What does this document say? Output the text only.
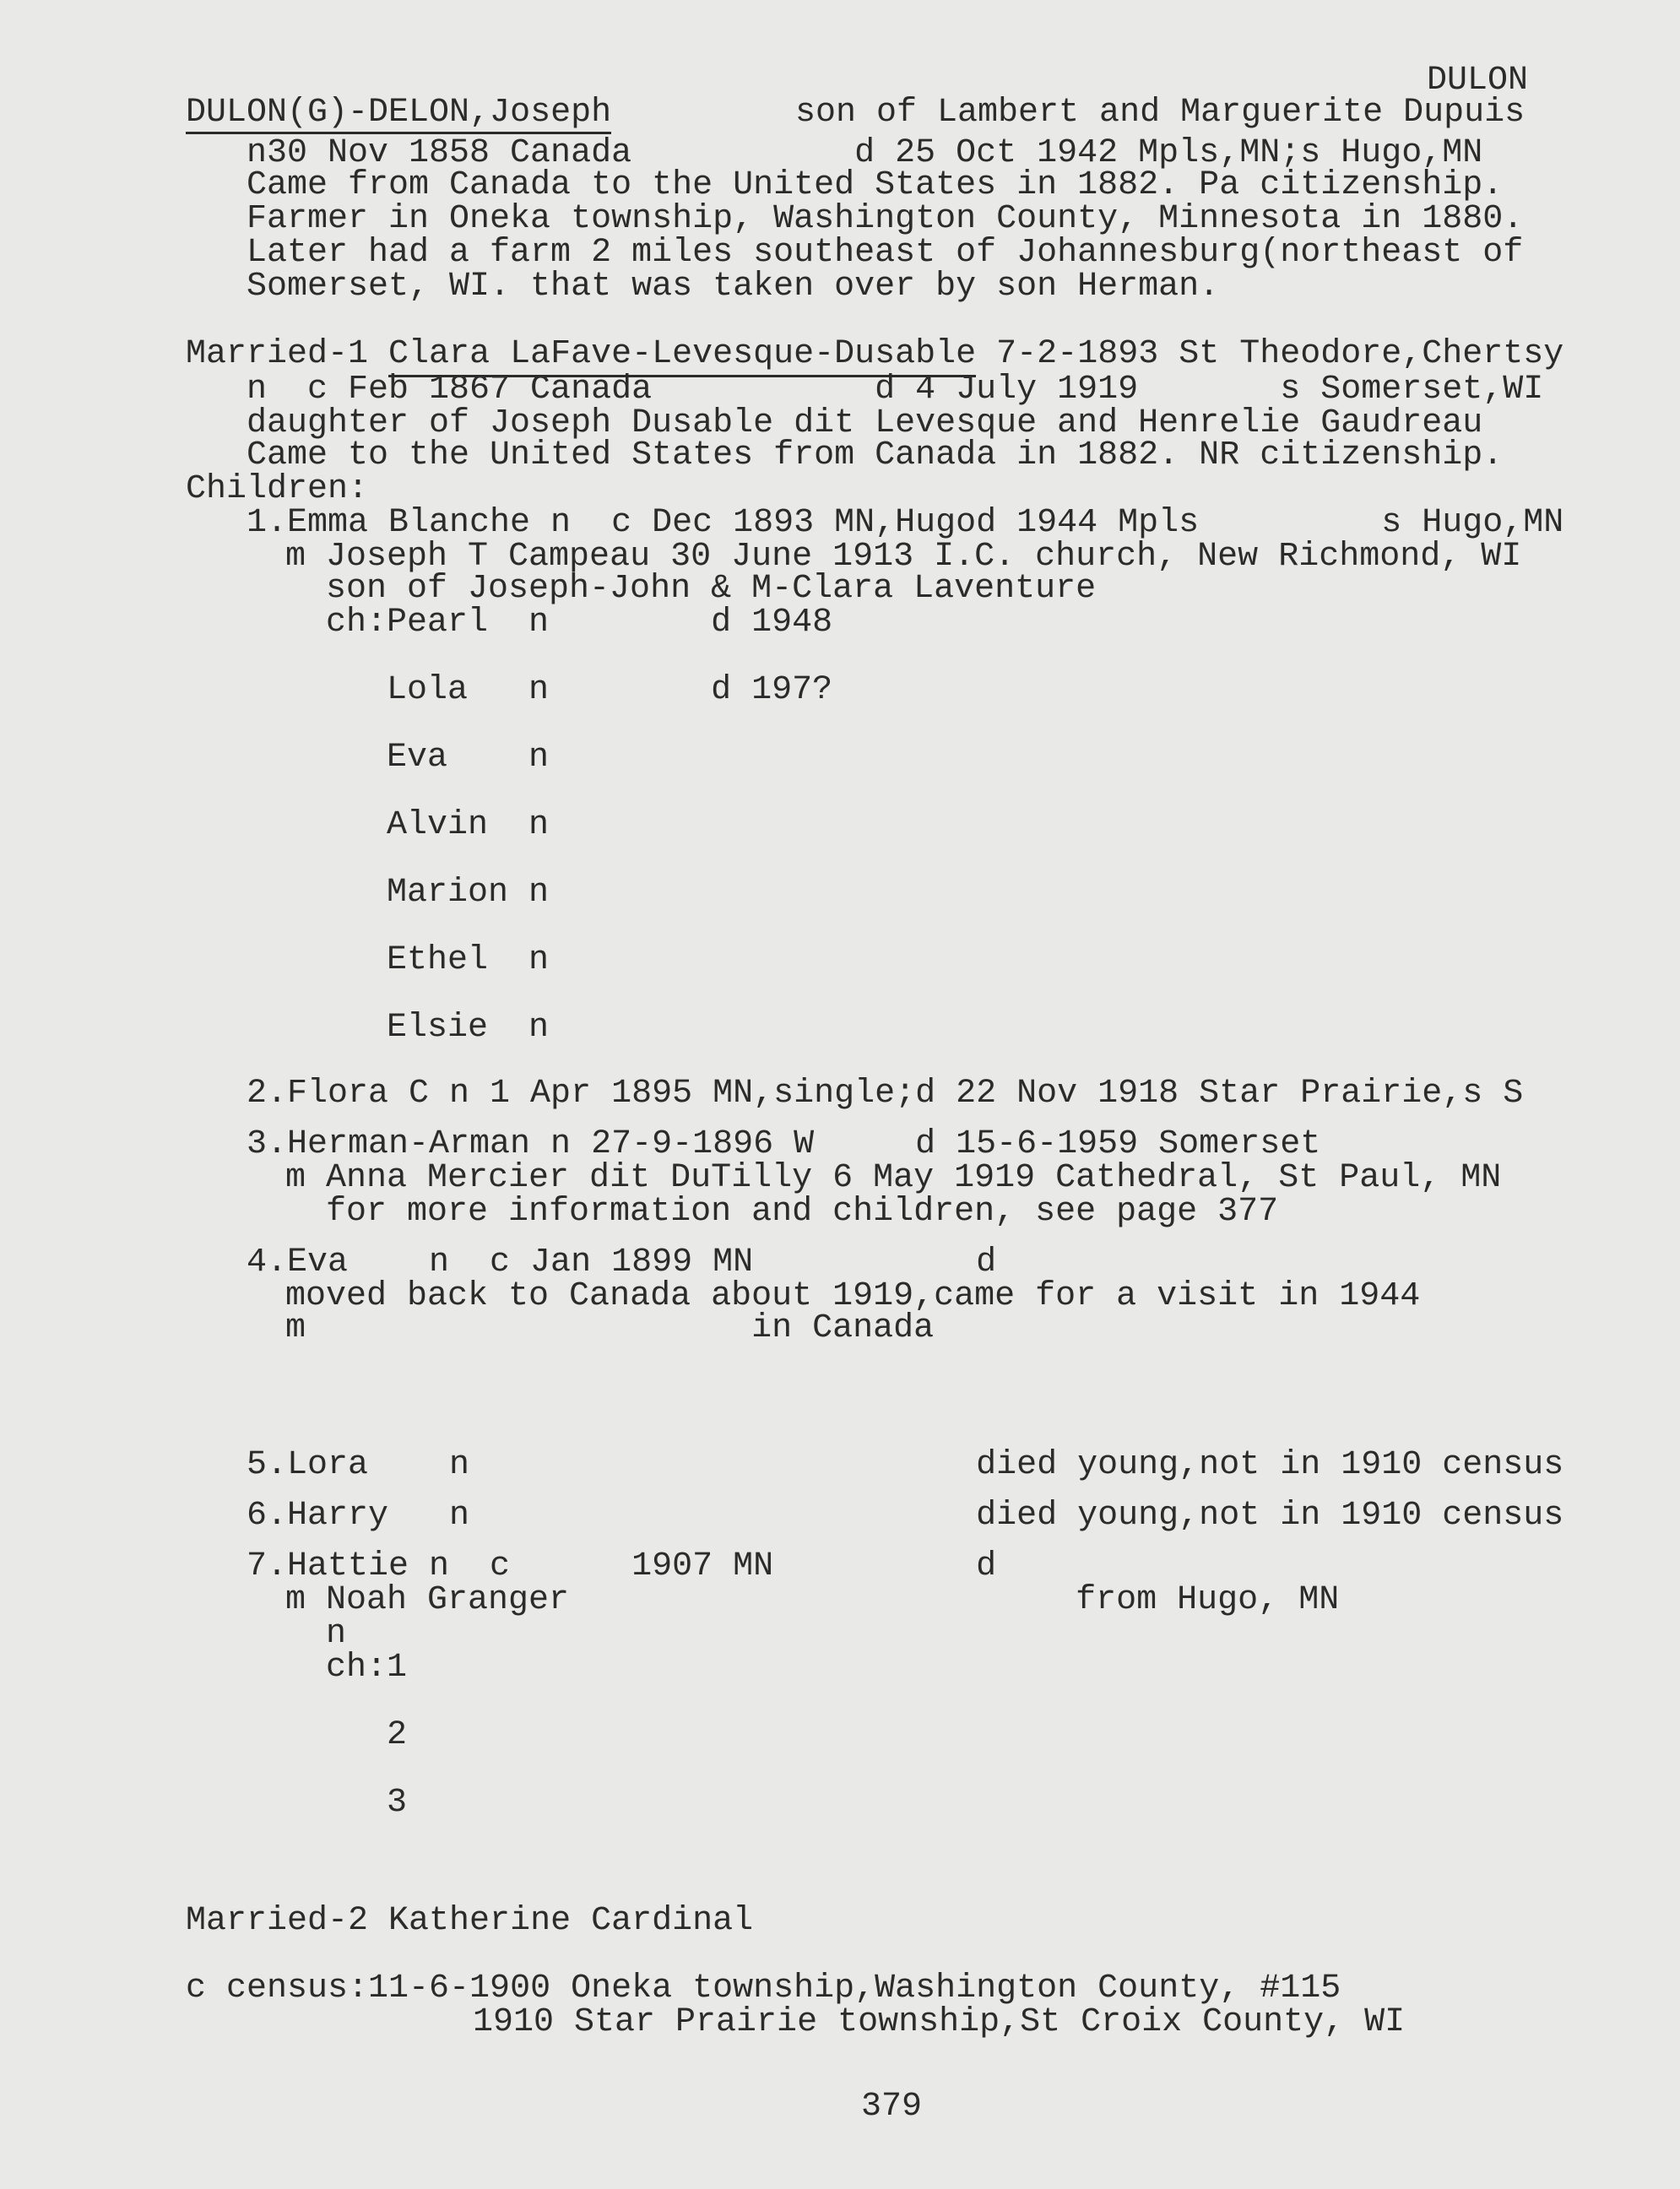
DULON
DULON(G)-DELON,Joseph	son of Lambert and Marguerite Dupuis
n30 Nov 1858 Canada           d 25 Oct 1942 Mpls,MN;s Hugo,MN
Came from Canada to the United States in 1882. Pa citizenship.
Farmer in Oneka township, Washington County, Minnesota in 1880.
Later had a farm 2 miles southeast of Johannesburg(northeast of
Somerset, WI. that was taken over by son Herman.
Married-1 Clara LaFave-Levesque-Dusable 7-2-1893 St Theodore,Chertsy
n  c Feb 1867 Canada           d 4 July 1919       s Somerset,WI
daughter of Joseph Dusable dit Levesque and Henrelie Gaudreau
Came to the United States from Canada in 1882. NR citizenship.
Children:
1.Emma Blanche n  c Dec 1893 MN,Hugod 1944 Mpls         s Hugo,MN
m Joseph T Campeau 30 June 1913 I.C. church, New Richmond, WI
son of Joseph-John & M-Clara Laventure
ch:Pearl  n        d 1948
Lola   n        d 197?
Eva    n
Alvin  n
Marion n
Ethel  n
Elsie  n
2.Flora C n 1 Apr 1895 MN,single;d 22 Nov 1918 Star Prairie,s S
3.Herman-Arman n 27-9-1896 W     d 15-6-1959 Somerset
m Anna Mercier dit DuTilly 6 May 1919 Cathedral, St Paul, MN
for more information and children, see page 377
4.Eva    n  c Jan 1899 MN           d
moved back to Canada about 1919,came for a visit in 1944
m                      in Canada
5.Lora    n                         died young,not in 1910 census
6.Harry   n                         died young,not in 1910 census
7.Hattie n  c      1907 MN          d
m Noah Granger                         from Hugo, MN
n
ch:1
2
3
Married-2 Katherine Cardinal
c census:11-6-1900 Oneka township,Washington County, #115
1910 Star Prairie township,St Croix County, WI
379
